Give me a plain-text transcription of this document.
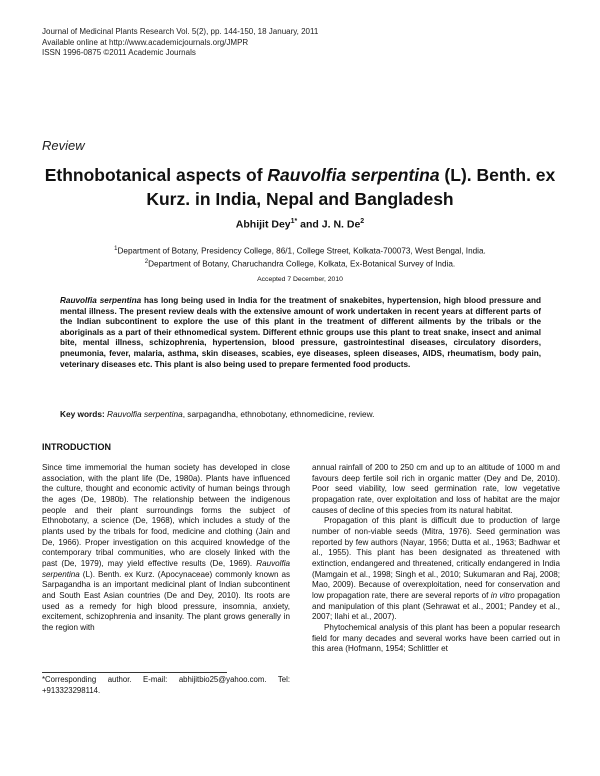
Journal of Medicinal Plants Research Vol. 5(2), pp. 144-150, 18 January, 2011
Available online at http://www.academicjournals.org/JMPR
ISSN 1996-0875 ©2011 Academic Journals
Review
Ethnobotanical aspects of Rauvolfia serpentina (L). Benth. ex Kurz. in India, Nepal and Bangladesh
Abhijit Dey$^{1*}$ and J. N. De$^2$
$^1$Department of Botany, Presidency College, 86/1, College Street, Kolkata-700073, West Bengal, India.
$^2$Department of Botany, Charuchandra College, Kolkata, Ex-Botanical Survey of India.
Accepted 7 December, 2010
Rauvolfia serpentina has long being used in India for the treatment of snakebites, hypertension, high blood pressure and mental illness. The present review deals with the extensive amount of work undertaken in recent years at different parts of the Indian subcontinent to explore the use of this plant in the treatment of different ailments by the tribals or the aboriginals as a part of their ethnomedical system. Different ethnic groups use this plant to treat snake, insect and animal bite, mental illness, schizophrenia, hypertension, blood pressure, gastrointestinal diseases, circulatory disorders, pneumonia, fever, malaria, asthma, skin diseases, scabies, eye diseases, spleen diseases, AIDS, rheumatism, body pain, veterinary diseases etc. This plant is also being used to prepare fermented food products.
Key words: Rauvolfia serpentina, sarpagandha, ethnobotany, ethnomedicine, review.
INTRODUCTION

Since time immemorial the human society has developed in close association, with the plant life (De, 1980a). Plants have influenced the culture, thought and economic activity of human beings through the ages (De, 1980b). The relationship between the indigenous people and their plant surroundings forms the subject of Ethnobotany, a science (De, 1968), which includes a study of the plants used by the tribals for food, medicine and clothing (Jain and De, 1966). Proper investigation on this acquired knowledge of the contemporary tribal communities, who are closely linked with the past (De, 1979), may yield effective results (De, 1969). Rauvolfia serpentina (L). Benth. ex Kurz. (Apocynaceae) commonly known as Sarpagandha is an important medicinal plant of Indian subcontinent and South East Asian countries (De and Dey, 2010). Its roots are used as a remedy for high blood pressure, insomnia, anxiety, excitement, schizophrenia and insanity. The plant grows generally in the region with

*Corresponding author. E-mail: abhijitbio25@yahoo.com. Tel: +913323298114.

annual rainfall of 200 to 250 cm and up to an altitude of 1000 m and favours deep fertile soil rich in organic matter (Dey and De, 2010). Poor seed viability, low seed germination rate, low vegetative propagation rate, over exploitation and loss of habitat are the major causes of decline of this species from its natural habitat.

Propagation of this plant is difficult due to production of large number of non-viable seeds (Mitra, 1976). Seed germination was reported by few authors (Nayar, 1956; Dutta et al., 1963; Badhwar et al., 1955). This plant has been designated as threatened with extinction, endangered and threatened, critically endangered in India (Mamgain et al., 1998; Singh et al., 2010; Sukumaran and Raj, 2008; Mao, 2009). Because of overexploitation, need for conservation and low propagation rate, there are several reports of in vitro propagation and manipulation of this plant (Sehrawat et al., 2001; Pandey et al., 2007; Ilahi et al., 2007).

Phytochemical analysis of this plant has been a popular research field for many decades and several works have been carried out in this area (Hofmann, 1954; Schlittler et
